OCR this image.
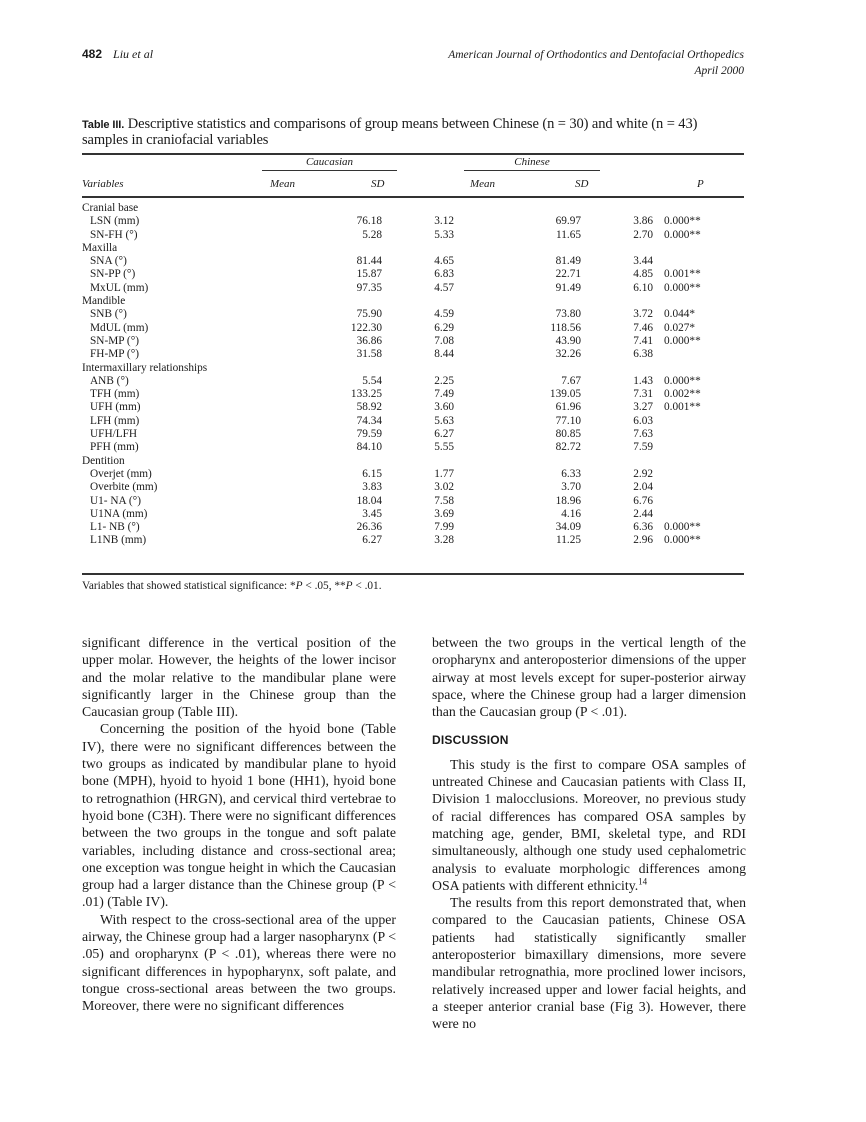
482 Liu et al	American Journal of Orthodontics and Dentofacial Orthopedics
April 2000
Table III. Descriptive statistics and comparisons of group means between Chinese (n = 30) and white (n = 43) samples in craniofacial variables
Caucasian	Chinese
Variables	Mean	SD	Mean	SD	P
Cranial base
LSN (mm)	76.18	3.12	69.97	3.86 0.000**
SN-FH (°)	5.28	5.33	11.65	2.70 0.000**
Maxilla
SNA (°)	81.44	4.65	81.49	3.44
SN-PP (°)	15.87	6.83	22.71	4.85 0.001**
MxUL (mm)	97.35	4.57	91.49	6.10 0.000**
Mandible
SNB (°)	75.90	4.59	73.80	3.72 0.044*
MdUL (mm)	122.30	6.29	118.56	7.46 0.027*
SN-MP (°)	36.86	7.08	43.90	7.41 0.000**
FH-MP (°)	31.58	8.44	32.26	6.38
Intermaxillary relationships
ANB (°)	5.54	2.25	7.67	1.43 0.000**
TFH (mm)	133.25	7.49	139.05	7.31 0.002**
UFH (mm)	58.92	3.60	61.96	3.27 0.001**
LFH (mm)	74.34	5.63	77.10	6.03
UFH/LFH	79.59	6.27	80.85	7.63
PFH (mm)	84.10	5.55	82.72	7.59
Dentition
Overjet (mm)	6.15	1.77	6.33	2.92
Overbite (mm)	3.83	3.02	3.70	2.04
U1- NA (°)	18.04	7.58	18.96	6.76
U1NA (mm)	3.45	3.69	4.16	2.44
L1- NB (°)	26.36	7.99	34.09	6.36 0.000**
L1NB (mm)	6.27	3.28	11.25	2.96 0.000**
Variables that showed statistical significance: *P < .05, **P < .01.

significant difference in the vertical position of the upper molar. However, the heights of the lower incisor and the molar relative to the mandibular plane were significantly larger in the Chinese group than the Caucasian group (Table III).

Concerning the position of the hyoid bone (Table IV), there were no significant differences between the two groups as indicated by mandibular plane to hyoid bone (MPH), hyoid to hyoid 1 bone (HH1), hyoid bone to retrognathion (HRGN), and cervical third vertebrae to hyoid bone (C3H). There were no significant differences between the two groups in the tongue and soft palate variables, including distance and cross-sectional area; one exception was tongue height in which the Caucasian group had a larger distance than the Chinese group (P < .01) (Table IV).

With respect to the cross-sectional area of the upper airway, the Chinese group had a larger nasopharynx (P < .05) and oropharynx (P < .01), whereas there were no significant differences in hypopharynx, soft palate, and tongue cross-sectional areas between the two groups. Moreover, there were no significant differences

between the two groups in the vertical length of the oropharynx and anteroposterior dimensions of the upper airway at most levels except for super-posterior airway space, where the Chinese group had a larger dimension than the Caucasian group (P < .01).

DISCUSSION

This study is the first to compare OSA samples of untreated Chinese and Caucasian patients with Class II, Division 1 malocclusions. Moreover, no previous study of racial differences has compared OSA samples by matching age, gender, BMI, skeletal type, and RDI simultaneously, although one study used cephalometric analysis to evaluate morphologic differences among OSA patients with different ethnicity.$^{14}$

The results from this report demonstrated that, when compared to the Caucasian patients, Chinese OSA patients had statistically significantly smaller anteroposterior bimaxillary dimensions, more severe mandibular retrognathia, more proclined lower incisors, relatively increased upper and lower facial heights, and a steeper anterior cranial base (Fig 3). However, there were no
